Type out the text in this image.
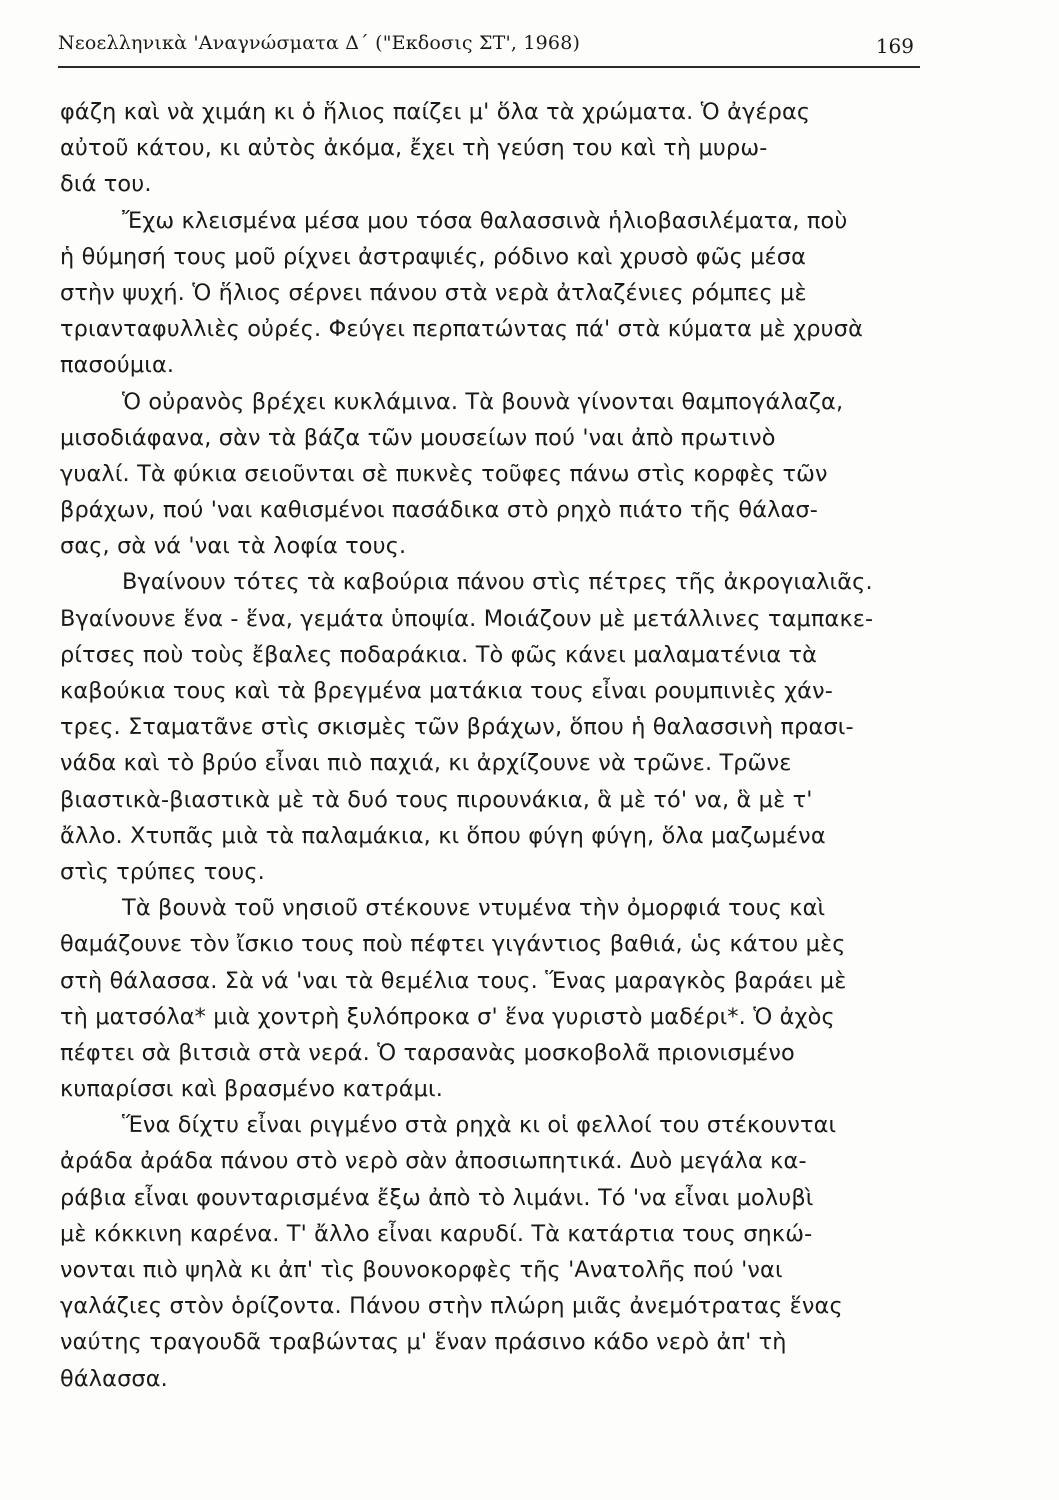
Νεοελληνικὰ 'Αναγνώσματα Δ΄ ("Εκδοσις ΣΤ', 1968)	169
φάζη καὶ νὰ χιμάη κι ὁ ἥλιος παίζει μ' ὅλα τὰ χρώματα. Ὁ ἀγέρας
αὐτοῦ κάτου, κι αὐτὸς ἀκόμα, ἔχει τὴ γεύση του καὶ τὴ μυρω-
διά του.
Ἔχω κλεισμένα μέσα μου τόσα θαλασσινὰ ἡλιοβασιλέματα, ποὺ
ἡ θύμησή τους μοῦ ρίχνει ἀστραψιές, ρόδινο καὶ χρυσὸ φῶς μέσα
στὴν ψυχή. Ὁ ἥλιος σέρνει πάνου στὰ νερὰ ἀτλαζένιες ρόμπες μὲ
τριανταφυλλιὲς οὐρές. Φεύγει περπατώντας πά' στὰ κύματα μὲ χρυσὰ
πασούμια.
Ὁ οὐρανὸς βρέχει κυκλάμινα. Τὰ βουνὰ γίνονται θαμπογάλαζα,
μισοδιάφανα, σὰν τὰ βάζα τῶν μουσείων πού 'ναι ἀπὸ πρωτινὸ
γυαλί. Τὰ φύκια σειοῦνται σὲ πυκνὲς τοῦφες πάνω στὶς κορφὲς τῶν
βράχων, πού 'ναι καθισμένοι πασάδικα στὸ ρηχὸ πιάτο τῆς θάλασ-
σας, σὰ νά 'ναι τὰ λοφία τους.
Βγαίνουν τότες τὰ καβούρια πάνου στὶς πέτρες τῆς ἀκρογιαλιᾶς.
Βγαίνουνε ἕνα - ἕνα, γεμάτα ὑποψία. Μοιάζουν μὲ μετάλλινες ταμπακε-
ρίτσες ποὺ τοὺς ἔβαλες ποδαράκια. Τὸ φῶς κάνει μαλαματένια τὰ
καβούκια τους καὶ τὰ βρεγμένα ματάκια τους εἶναι ρουμπινιὲς χάν-
τρες. Σταματᾶνε στὶς σκισμὲς τῶν βράχων, ὅπου ἡ θαλασσινὴ πρασι-
νάδα καὶ τὸ βρύο εἶναι πιὸ παχιά, κι ἀρχίζουνε νὰ τρῶνε. Τρῶνε
βιαστικὰ-βιαστικὰ μὲ τὰ δυό τους πιρουνάκια, ἃ μὲ τό' να, ἃ μὲ τ'
ἄλλο. Χτυπᾶς μιὰ τὰ παλαμάκια, κι ὅπου φύγη φύγη, ὅλα μαζωμένα
στὶς τρύπες τους.
Τὰ βουνὰ τοῦ νησιοῦ στέκουνε ντυμένα τὴν ὀμορφιά τους καὶ
θαμάζουνε τὸν ἴσκιο τους ποὺ πέφτει γιγάντιος βαθιά, ὡς κάτου μὲς
στὴ θάλασσα. Σὰ νά 'ναι τὰ θεμέλια τους. Ἕνας μαραγκὸς βαράει μὲ
τὴ ματσόλα* μιὰ χοντρὴ ξυλόπροκα σ' ἕνα γυριστὸ μαδέρι*. Ὁ ἀχὸς
πέφτει σὰ βιτσιὰ στὰ νερά. Ὁ ταρσανὰς μοσκοβολᾶ πριονισμένο
κυπαρίσσι καὶ βρασμένο κατράμι.
Ἕνα δίχτυ εἶναι ριγμένο στὰ ρηχὰ κι οἱ φελλοί του στέκουνται
ἀράδα ἀράδα πάνου στὸ νερὸ σὰν ἀποσιωπητικά. Δυὸ μεγάλα κα-
ράβια εἶναι φουνταρισμένα ἔξω ἀπὸ τὸ λιμάνι. Τό 'να εἶναι μολυβὶ
μὲ κόκκινη καρένα. Τ' ἄλλο εἶναι καρυδί. Τὰ κατάρτια τους σηκώ-
νονται πιὸ ψηλὰ κι ἀπ' τὶς βουνοκορφὲς τῆς 'Ανατολῆς πού 'ναι
γαλάζιες στὸν ὁρίζοντα. Πάνου στὴν πλώρη μιᾶς ἀνεμότρατας ἕνας
ναύτης τραγουδᾶ τραβώντας μ' ἕναν πράσινο κάδο νερὸ ἀπ' τὴ
θάλασσα.
